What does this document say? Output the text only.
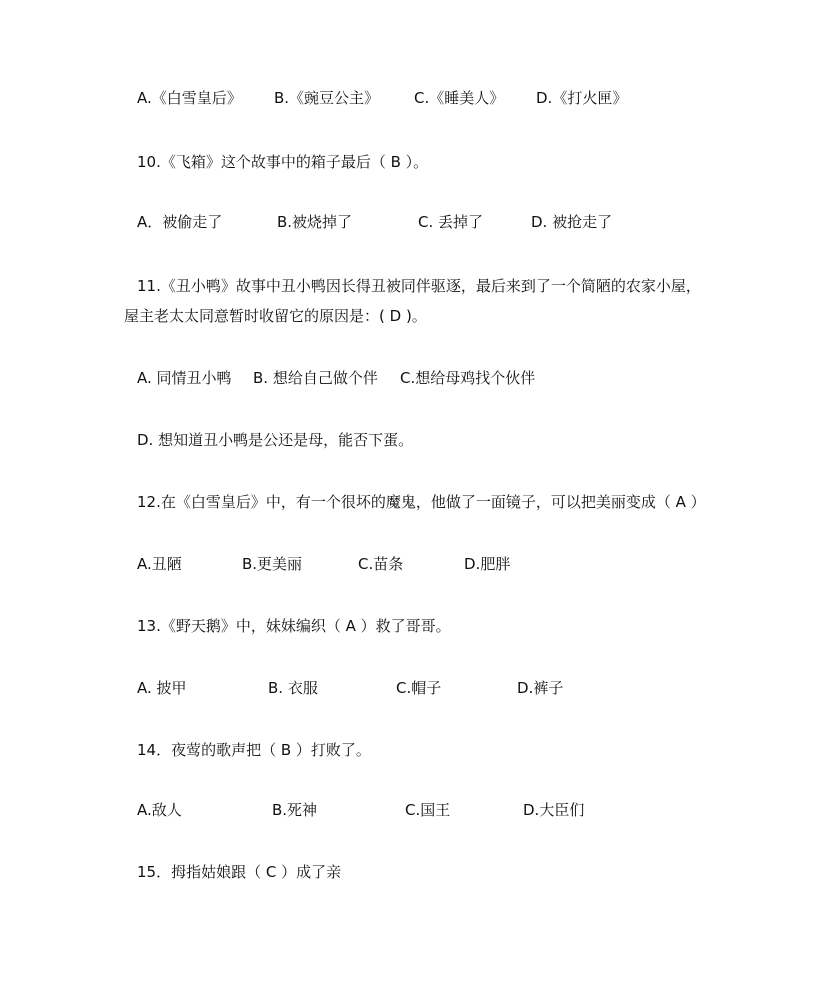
A.《白雪皇后》 B.《豌豆公主》 C.《睡美人》 D.《打火匣》
10.《飞箱》这个故事中的箱子最后（ B ）。
A．被偷走了	B.被烧掉了	C. 丢掉了	D. 被抢走了
11.《丑小鸭》故事中丑小鸭因长得丑被同伴驱逐，最后来到了一个简陋的农家小屋，
屋主老太太同意暂时收留它的原因是：( D )。
A. 同情丑小鸭 B. 想给自己做个伴 C.想给母鸡找个伙伴
D. 想知道丑小鸭是公还是母，能否下蛋。
12.在《白雪皇后》中，有一个很坏的魔鬼，他做了一面镜子，可以把美丽变成（ A ）
A.丑陋	B.更美丽	C.苗条	D.肥胖
13.《野天鹅》中，妹妹编织（ A ）救了哥哥。
A. 披甲	B. 衣服	C.帽子	D.裤子
14．夜莺的歌声把（ B ）打败了。
A.敌人	B.死神	C.国王	D.大臣们
15．拇指姑娘跟（ C ）成了亲
